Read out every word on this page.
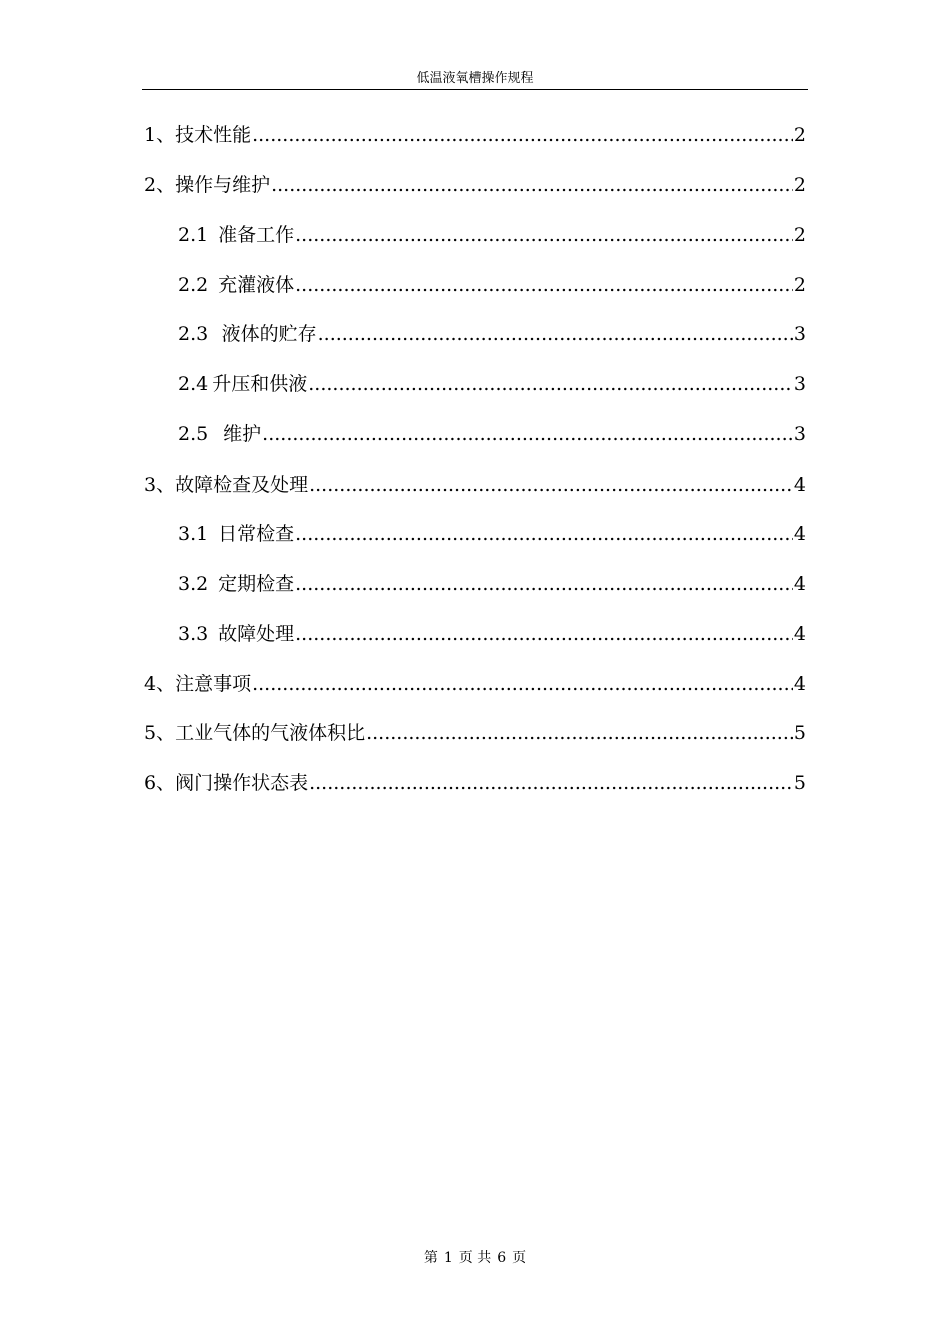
低温液氧槽操作规程
1、技术性能 .....	2
2、操作与维护 .....	2
2.1 准备工作 .....	2
2.2 充灌液体 .....	2
2.3 液体的贮存 .....	3
2.4 升压和供液 .....	3
2.5 维护 .....	3
3、故障检查及处理 .....	4
3.1 日常检查 .....	4
3.2 定期检查 .....	4
3.3 故障处理 .....	4
4、注意事项 .....	4
5、工业气体的气液体积比 .....	5
6、阀门操作状态表 .....	5
第 1 页 共 6 页
